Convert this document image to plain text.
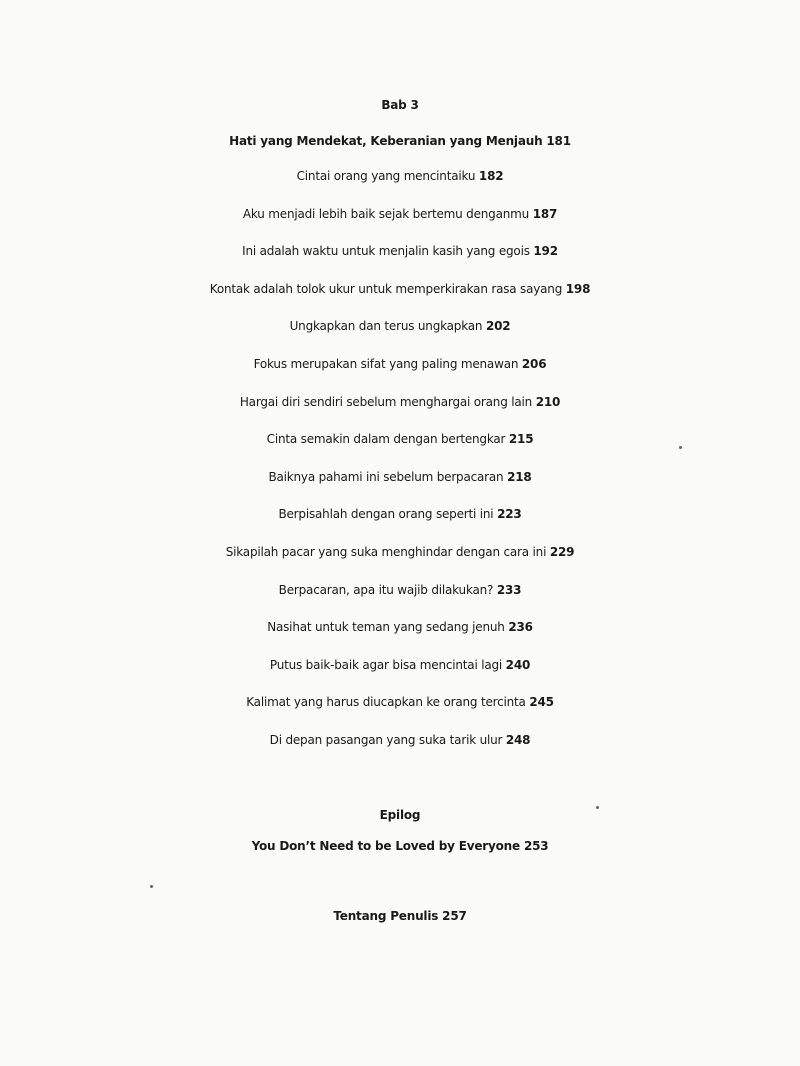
Bab 3
Hati yang Mendekat, Keberanian yang Menjauh 181
Cintai orang yang mencintaiku 182
Aku menjadi lebih baik sejak bertemu denganmu 187
Ini adalah waktu untuk menjalin kasih yang egois 192
Kontak adalah tolok ukur untuk memperkirakan rasa sayang 198
Ungkapkan dan terus ungkapkan 202
Fokus merupakan sifat yang paling menawan 206
Hargai diri sendiri sebelum menghargai orang lain 210
Cinta semakin dalam dengan bertengkar 215
Baiknya pahami ini sebelum berpacaran 218
Berpisahlah dengan orang seperti ini 223
Sikapilah pacar yang suka menghindar dengan cara ini 229
Berpacaran, apa itu wajib dilakukan? 233
Nasihat untuk teman yang sedang jenuh 236
Putus baik-baik agar bisa mencintai lagi 240
Kalimat yang harus diucapkan ke orang tercinta 245
Di depan pasangan yang suka tarik ulur 248
Epilog
You Don’t Need to be Loved by Everyone 253
Tentang Penulis 257
